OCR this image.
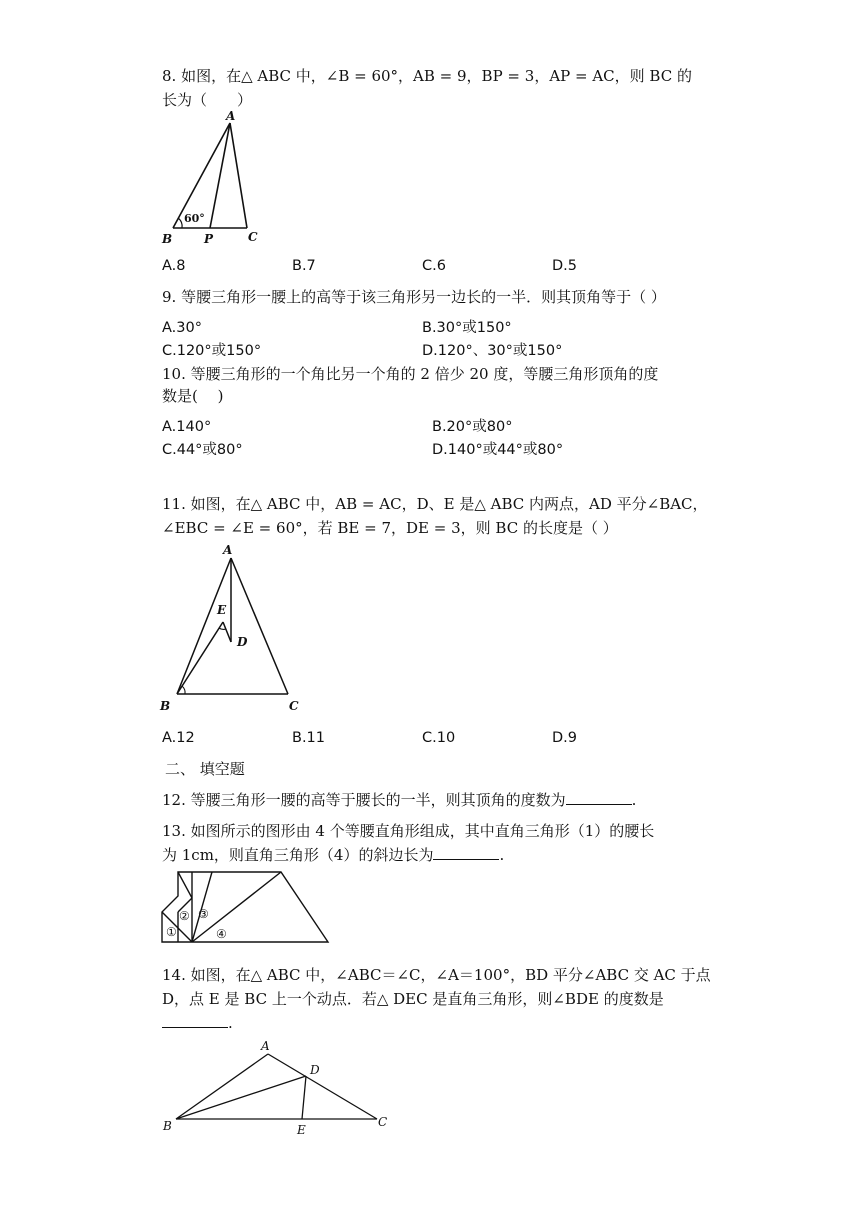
8. 如图，在△ ABC 中，∠B = 60°，AB = 9，BP = 3，AP = AC，则 BC 的
长为（　　）
A
60°
B	P	C
A.8	B.7	C.6	D.5
9. 等腰三角形一腰上的高等于该三角形另一边长的一半．则其顶角等于（ ）
A.30°	B.30°或150°
C.120°或150°	D.120°、30°或150°
10. 等腰三角形的一个角比另一个角的 2 倍少 20 度，等腰三角形顶角的度
数是(　 )
A.140°	B.20°或80°
C.44°或80°	D.140°或44°或80°
11. 如图，在△ ABC 中，AB = AC，D、E 是△ ABC 内两点，AD 平分∠BAC，
∠EBC = ∠E = 60°，若 BE = 7，DE = 3，则 BC 的长度是（ ）
A
E
D
B	C
A.12	B.11	C.10	D.9
二、 填空题
12. 等腰三角形一腰的高等于腰长的一半，则其顶角的度数为	.
13. 如图所示的图形由 4 个等腰直角形组成，其中直角三角形（1）的腰长
为 1cm，则直角三角形（4）的斜边长为	.
①
② ③
④
14. 如图，在△ ABC 中，∠ABC＝∠C，∠A＝100°，BD 平分∠ABC 交 AC 于点
D，点 E 是 BC 上一个动点．若△ DEC 是直角三角形，则∠BDE 的度数是
.
A
D
B	E
C
